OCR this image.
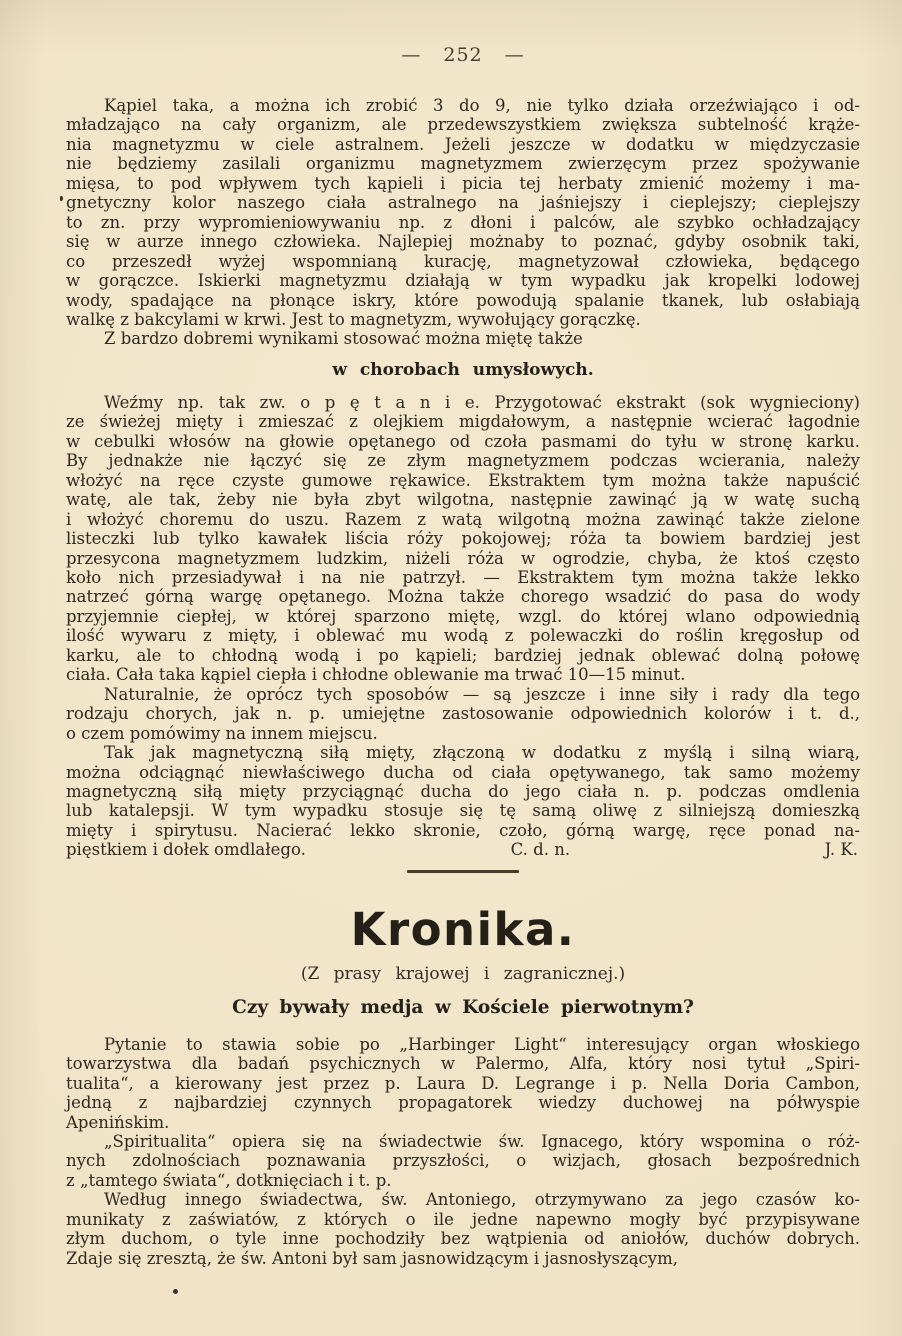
— 252 —
Kąpiel taka, a można ich zrobić 3 do 9, nie tylko działa orzeźwiająco i od-
mładzająco na cały organizm, ale przedewszystkiem zwiększa subtelność krąże-
nia magnetyzmu w ciele astralnem. Jeżeli jeszcze w dodatku w międzyczasie
nie będziemy zasilali organizmu magnetyzmem zwierzęcym przez spożywanie
mięsa, to pod wpływem tych kąpieli i picia tej herbaty zmienić możemy i ma-
gnetyczny kolor naszego ciała astralnego na jaśniejszy i cieplejszy; cieplejszy
to zn. przy wypromieniowywaniu np. z dłoni i palców, ale szybko ochładzający
się w aurze innego człowieka. Najlepiej możnaby to poznać, gdyby osobnik taki,
co przeszedł wyżej wspomnianą kurację, magnetyzował człowieka, będącego
w gorączce. Iskierki magnetyzmu działają w tym wypadku jak kropelki lodowej
wody, spadające na płonące iskry, które powodują spalanie tkanek, lub osłabiają
walkę z bakcylami w krwi. Jest to magnetyzm, wywołujący gorączkę.
Z bardzo dobremi wynikami stosować można miętę także
w chorobach umysłowych.
Weźmy np. tak zw. o p ę t a n i e. Przygotować ekstrakt (sok wygnieciony)
ze świeżej mięty i zmieszać z olejkiem migdałowym, a następnie wcierać łagodnie
w cebulki włosów na głowie opętanego od czoła pasmami do tyłu w stronę karku.
By jednakże nie łączyć się ze złym magnetyzmem podczas wcierania, należy
włożyć na ręce czyste gumowe rękawice. Ekstraktem tym można także napuścić
watę, ale tak, żeby nie była zbyt wilgotna, następnie zawinąć ją w watę suchą
i włożyć choremu do uszu. Razem z watą wilgotną można zawinąć także zielone
listeczki lub tylko kawałek liścia róży pokojowej; róża ta bowiem bardziej jest
przesycona magnetyzmem ludzkim, niżeli róża w ogrodzie, chyba, że ktoś często
koło nich przesiadywał i na nie patrzył. — Ekstraktem tym można także lekko
natrzeć górną wargę opętanego. Można także chorego wsadzić do pasa do wody
przyjemnie ciepłej, w której sparzono miętę, wzgl. do której wlano odpowiednią
ilość wywaru z mięty, i oblewać mu wodą z polewaczki do roślin kręgosłup od
karku, ale to chłodną wodą i po kąpieli; bardziej jednak oblewać dolną połowę
ciała. Cała taka kąpiel ciepła i chłodne oblewanie ma trwać 10—15 minut.
Naturalnie, że oprócz tych sposobów — są jeszcze i inne siły i rady dla tego
rodzaju chorych, jak n. p. umiejętne zastosowanie odpowiednich kolorów i t. d.,
o czem pomówimy na innem miejscu.
Tak jak magnetyczną siłą mięty, złączoną w dodatku z myślą i silną wiarą,
można odciągnąć niewłaściwego ducha od ciała opętywanego, tak samo możemy
magnetyczną siłą mięty przyciągnąć ducha do jego ciała n. p. podczas omdlenia
lub katalepsji. W tym wypadku stosuje się tę samą oliwę z silniejszą domieszką
mięty i spirytusu. Nacierać lekko skronie, czoło, górną wargę, ręce ponad na-
pięstkiem i dołek omdlałego.	C. d. n.	J. K.
Kronika.
(Z prasy krajowej i zagranicznej.)
Czy bywały medja w Kościele pierwotnym?
Pytanie to stawia sobie po „Harbinger Light“ interesujący organ włoskiego
towarzystwa dla badań psychicznych w Palermo, Alfa, który nosi tytuł „Spiri-
tualita“, a kierowany jest przez p. Laura D. Legrange i p. Nella Doria Cambon,
jedną z najbardziej czynnych propagatorek wiedzy duchowej na półwyspie
Apenińskim.
„Spiritualita“ opiera się na świadectwie św. Ignacego, który wspomina o róż-
nych zdolnościach poznawania przyszłości, o wizjach, głosach bezpośrednich
z „tamtego świata“, dotknięciach i t. p.
Według innego świadectwa, św. Antoniego, otrzymywano za jego czasów ko-
munikaty z zaświatów, z których o ile jedne napewno mogły być przypisywane
złym duchom, o tyle inne pochodziły bez wątpienia od aniołów, duchów dobrych.
Zdaje się zresztą, że św. Antoni był sam jasnowidzącym i jasnosłyszącym,
